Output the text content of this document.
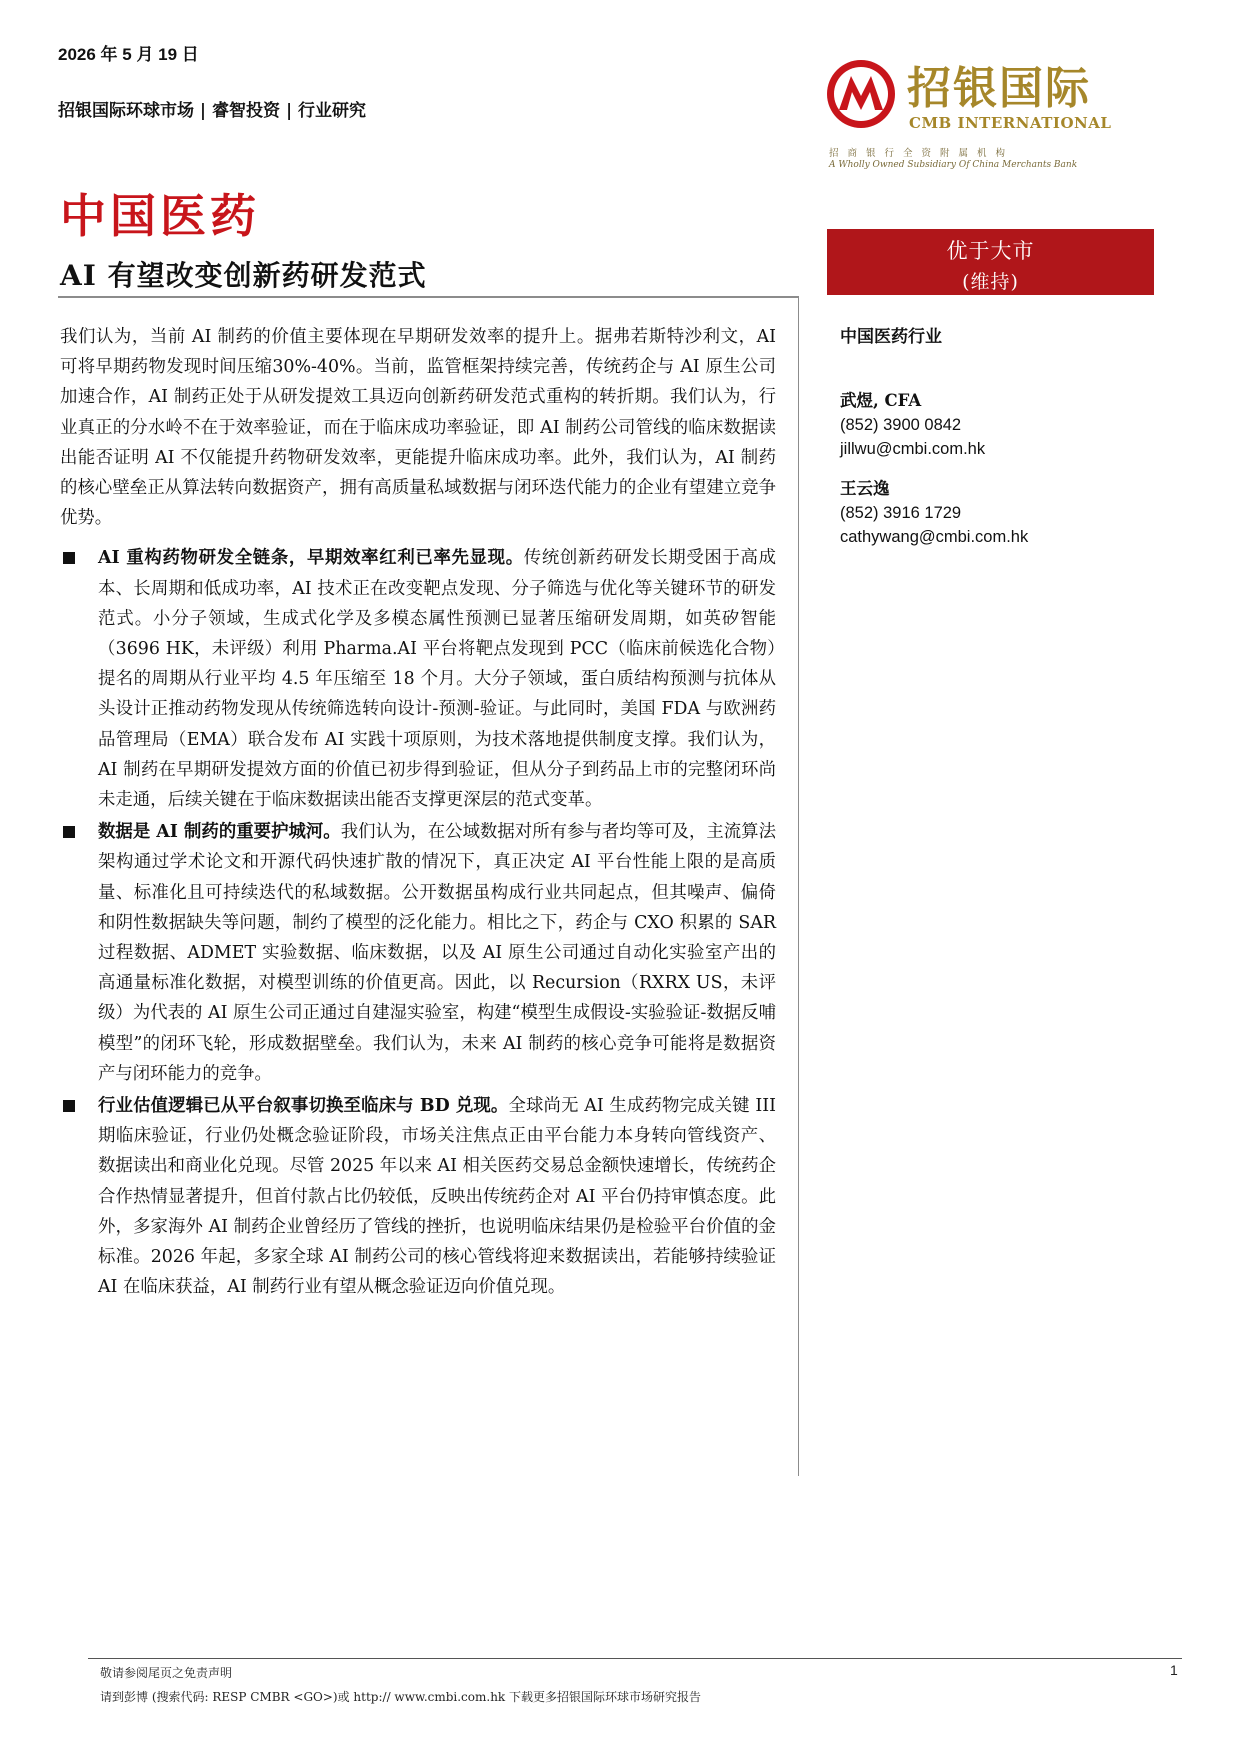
2026 年 5 月 19 日
招银国际环球市场 | 睿智投资 | 行业研究	招银国际
CMB INTERNATIONAL
招商银行全资附属机构
A Wholly Owned Subsidiary Of China Merchants Bank
中国医药
AI 有望改变创新药研发范式
优于大市
(维持)

我们认为，当前 AI 制药的价值主要体现在早期研发效率的提升上。据弗若斯特沙利文，AI 可将早期药物发现时间压缩30%-40%。当前，监管框架持续完善，传统药企与 AI 原生公司加速合作，AI 制药正处于从研发提效工具迈向创新药研发范式重构的转折期。我们认为，行业真正的分水岭不在于效率验证，而在于临床成功率验证，即 AI 制药公司管线的临床数据读出能否证明 AI 不仅能提升药物研发效率，更能提升临床成功率。此外，我们认为，AI 制药的核心壁垒正从算法转向数据资产，拥有高质量私域数据与闭环迭代能力的企业有望建立竞争优势。

AI 重构药物研发全链条，早期效率红利已率先显现。传统创新药研发长期受困于高成本、长周期和低成功率，AI 技术正在改变靶点发现、分子筛选与优化等关键环节的研发范式。小分子领域，生成式化学及多模态属性预测已显著压缩研发周期，如英矽智能（3696 HK，未评级）利用 Pharma.AI 平台将靶点发现到 PCC（临床前候选化合物）提名的周期从行业平均 4.5 年压缩至 18 个月。大分子领域，蛋白质结构预测与抗体从头设计正推动药物发现从传统筛选转向设计-预测-验证。与此同时，美国 FDA 与欧洲药品管理局（EMA）联合发布 AI 实践十项原则，为技术落地提供制度支撑。我们认为，AI 制药在早期研发提效方面的价值已初步得到验证，但从分子到药品上市的完整闭环尚未走通，后续关键在于临床数据读出能否支撑更深层的范式变革。
数据是 AI 制药的重要护城河。我们认为，在公域数据对所有参与者均等可及，主流算法架构通过学术论文和开源代码快速扩散的情况下，真正决定 AI 平台性能上限的是高质量、标准化且可持续迭代的私域数据。公开数据虽构成行业共同起点，但其噪声、偏倚和阴性数据缺失等问题，制约了模型的泛化能力。相比之下，药企与 CXO 积累的 SAR 过程数据、ADMET 实验数据、临床数据，以及 AI 原生公司通过自动化实验室产出的高通量标准化数据，对模型训练的价值更高。因此，以 Recursion（RXRX US，未评级）为代表的 AI 原生公司正通过自建湿实验室，构建“模型生成假设-实验验证-数据反哺模型”的闭环飞轮，形成数据壁垒。我们认为，未来 AI 制药的核心竞争可能将是数据资产与闭环能力的竞争。
行业估值逻辑已从平台叙事切换至临床与 BD 兑现。全球尚无 AI 生成药物完成关键 III 期临床验证，行业仍处概念验证阶段，市场关注焦点正由平台能力本身转向管线资产、数据读出和商业化兑现。尽管 2025 年以来 AI 相关医药交易总金额快速增长，传统药企合作热情显著提升，但首付款占比仍较低，反映出传统药企对 AI 平台仍持审慎态度。此外，多家海外 AI 制药企业曾经历了管线的挫折，也说明临床结果仍是检验平台价值的金标准。2026 年起，多家全球 AI 制药公司的核心管线将迎来数据读出，若能够持续验证 AI 在临床获益，AI 制药行业有望从概念验证迈向价值兑现。
中国医药行业
武煜, CFA
(852) 3900 0842
jillwu@cmbi.com.hk
王云逸
(852) 3916 1729
cathywang@cmbi.com.hk
敬请参阅尾页之免责声明
请到彭博 (搜索代码: RESP CMBR <GO>)或 http:// www.cmbi.com.hk 下载更多招银国际环球市场研究报告
1
